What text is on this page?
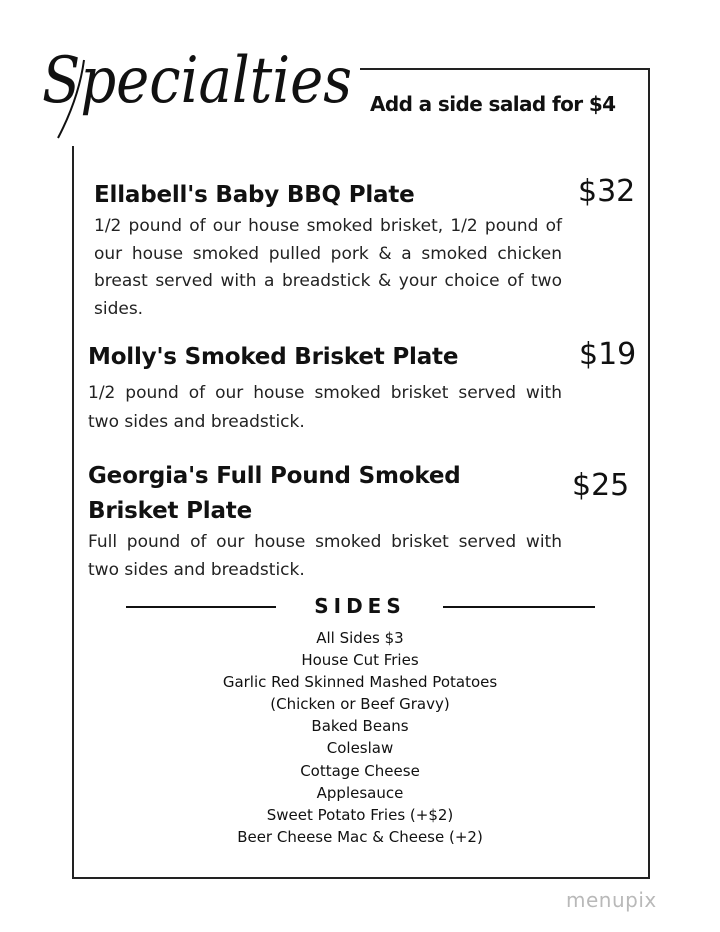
Specialties Add a side salad for $4
Ellabell's Baby BBQ Plate
1/2 pound of our house smoked brisket, 1/2 pound of our house smoked pulled pork & a smoked chicken breast served with a breadstick & your choice of two sides.
$32
Molly's Smoked Brisket Plate
1/2 pound of our house smoked brisket served with two sides and breadstick.
$19
Georgia's Full Pound Smoked Brisket Plate
Full pound of our house smoked brisket served with two sides and breadstick.
$25
SIDES
All Sides $3
House Cut Fries
Garlic Red Skinned Mashed Potatoes
(Chicken or Beef Gravy)
Baked Beans
Coleslaw
Cottage Cheese
Applesauce
Sweet Potato Fries (+$2)
Beer Cheese Mac & Cheese (+2)
menupix
